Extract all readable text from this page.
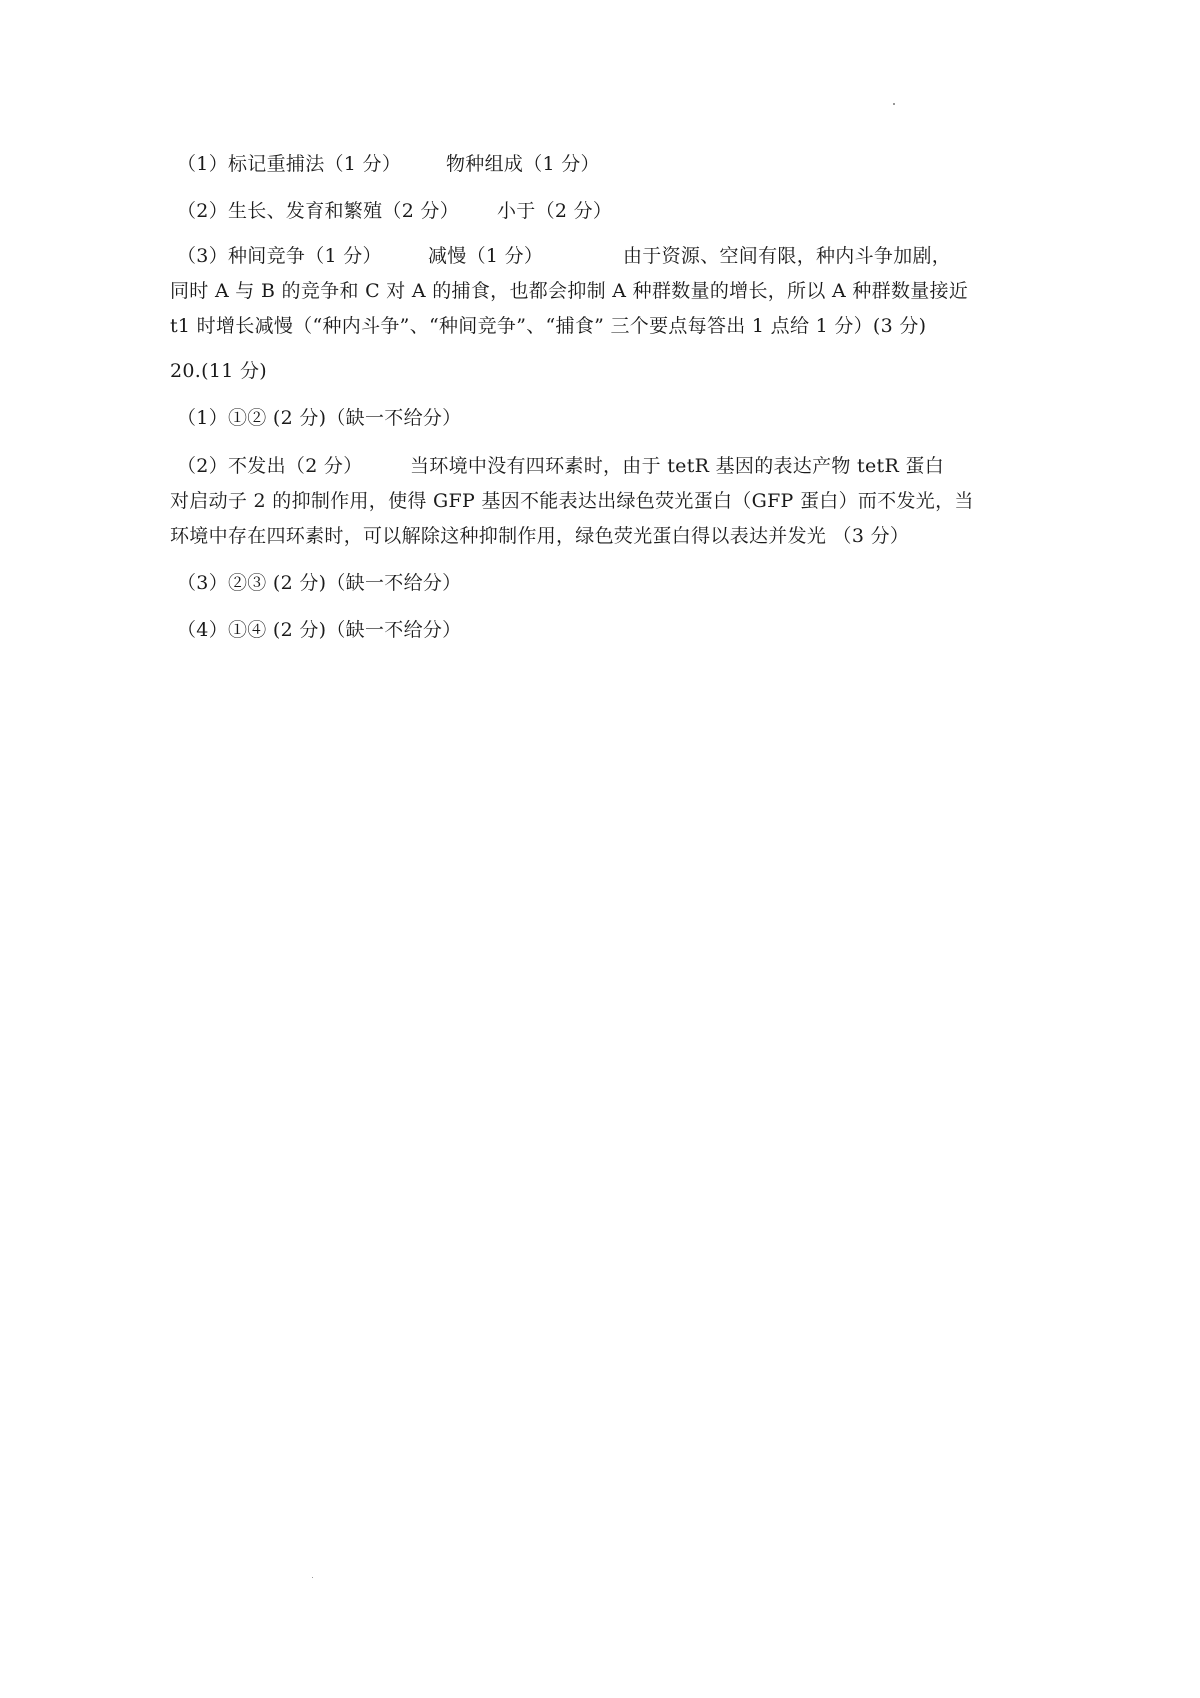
（1）标记重捕法（1 分） 物种组成（1 分）
（2）生长、发育和繁殖（2 分） 小于（2 分）
（3）种间竞争（1 分） 减慢（1 分）	由于资源、空间有限，种内斗争加剧，
同时 A 与 B 的竞争和 C 对 A 的捕食，也都会抑制 A 种群数量的增长，所以 A 种群数量接近
t1 时增长减慢（“种内斗争”、“种间竞争”、“捕食” 三个要点每答出 1 点给 1 分）(3 分)
20.(11 分)
（1）①② (2 分)（缺一不给分）
（2）不发出（2 分） 当环境中没有四环素时，由于 tetR 基因的表达产物 tetR 蛋白
对启动子 2 的抑制作用，使得 GFP 基因不能表达出绿色荧光蛋白（GFP 蛋白）而不发光，当
环境中存在四环素时，可以解除这种抑制作用，绿色荧光蛋白得以表达并发光 （3 分）
（3）②③ (2 分)（缺一不给分）
（4）①④ (2 分)（缺一不给分）
